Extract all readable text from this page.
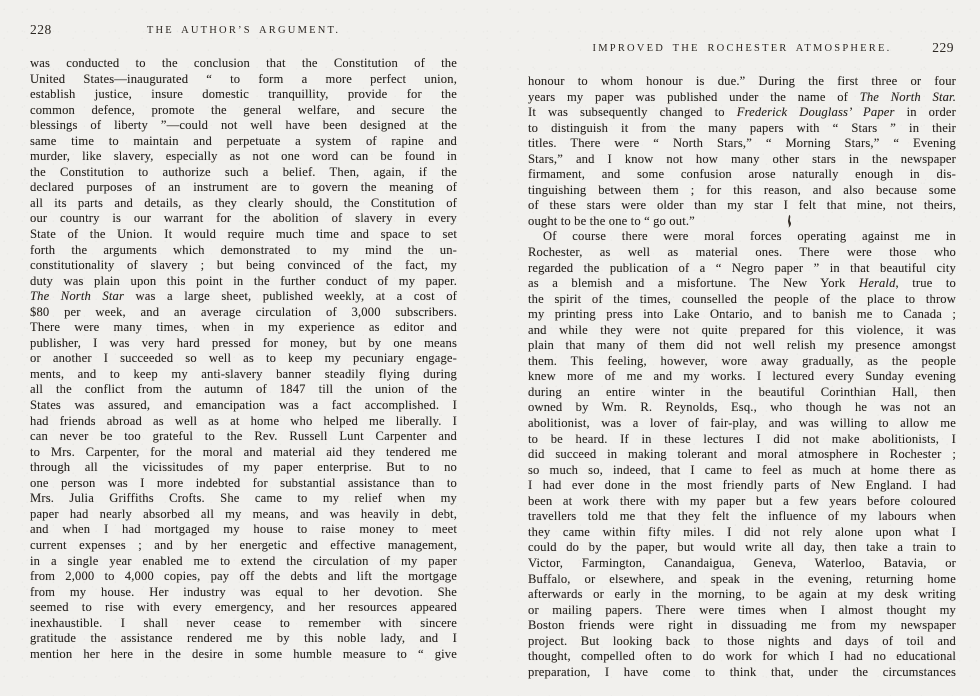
228	THE AUTHOR’S ARGUMENT.
was conducted to the conclusion that the Constitution of the
United States—inaugurated “ to form a more perfect union,
establish justice, insure domestic tranquillity, provide for the
common defence, promote the general welfare, and secure the
blessings of liberty ”—could not well have been designed at the
same time to maintain and perpetuate a system of rapine and
murder, like slavery, especially as not one word can be found in
the Constitution to authorize such a belief. Then, again, if the
declared purposes of an instrument are to govern the meaning of
all its parts and details, as they clearly should, the Constitution of
our country is our warrant for the abolition of slavery in every
State of the Union. It would require much time and space to set
forth the arguments which demonstrated to my mind the un-
constitutionality of slavery ; but being convinced of the fact, my
duty was plain upon this point in the further conduct of my paper.
The North Star was a large sheet, published weekly, at a cost of
$80 per week, and an average circulation of 3,000 subscribers.
There were many times, when in my experience as editor and
publisher, I was very hard pressed for money, but by one means
or another I succeeded so well as to keep my pecuniary engage-
ments, and to keep my anti-slavery banner steadily flying during
all the conflict from the autumn of 1847 till the union of the
States was assured, and emancipation was a fact accomplished. I
had friends abroad as well as at home who helped me liberally. I
can never be too grateful to the Rev. Russell Lunt Carpenter and
to Mrs. Carpenter, for the moral and material aid they tendered me
through all the vicissitudes of my paper enterprise. But to no
one person was I more indebted for substantial assistance than to
Mrs. Julia Griffiths Crofts. She came to my relief when my
paper had nearly absorbed all my means, and was heavily in debt,
and when I had mortgaged my house to raise money to meet
current expenses ; and by her energetic and effective management,
in a single year enabled me to extend the circulation of my paper
from 2,000 to 4,000 copies, pay off the debts and lift the mortgage
from my house. Her industry was equal to her devotion. She
seemed to rise with every emergency, and her resources appeared
inexhaustible. I shall never cease to remember with sincere
gratitude the assistance rendered me by this noble lady, and I
mention her here in the desire in some humble measure to “ give
IMPROVED THE ROCHESTER ATMOSPHERE.	229
honour to whom honour is due.” During the first three or four
years my paper was published under the name of The North Star.
It was subsequently changed to Frederick Douglass’ Paper in order
to distinguish it from the many papers with “ Stars ” in their
titles. There were “ North Stars,” “ Morning Stars,” “ Evening
Stars,” and I know not how many other stars in the newspaper
firmament, and some confusion arose naturally enough in dis-
tinguishing between them ; for this reason, and also because some
of these stars were older than my star I felt that mine, not theirs,
ought to be the one to “ go out.”
Of course there were moral forces operating against me in
Rochester, as well as material ones. There were those who
regarded the publication of a “ Negro paper ” in that beautiful city
as a blemish and a misfortune. The New York Herald, true to
the spirit of the times, counselled the people of the place to throw
my printing press into Lake Ontario, and to banish me to Canada ;
and while they were not quite prepared for this violence, it was
plain that many of them did not well relish my presence amongst
them. This feeling, however, wore away gradually, as the people
knew more of me and my works. I lectured every Sunday evening
during an entire winter in the beautiful Corinthian Hall, then
owned by Wm. R. Reynolds, Esq., who though he was not an
abolitionist, was a lover of fair-play, and was willing to allow me
to be heard. If in these lectures I did not make abolitionists, I
did succeed in making tolerant and moral atmosphere in Rochester ;
so much so, indeed, that I came to feel as much at home there as
I had ever done in the most friendly parts of New England. I had
been at work there with my paper but a few years before coloured
travellers told me that they felt the influence of my labours when
they came within fifty miles. I did not rely alone upon what I
could do by the paper, but would write all day, then take a train to
Victor, Farmington, Canandaigua, Geneva, Waterloo, Batavia, or
Buffalo, or elsewhere, and speak in the evening, returning home
afterwards or early in the morning, to be again at my desk writing
or mailing papers. There were times when I almost thought my
Boston friends were right in dissuading me from my newspaper
project. But looking back to those nights and days of toil and
thought, compelled often to do work for which I had no educational
preparation, I have come to think that, under the circumstances
